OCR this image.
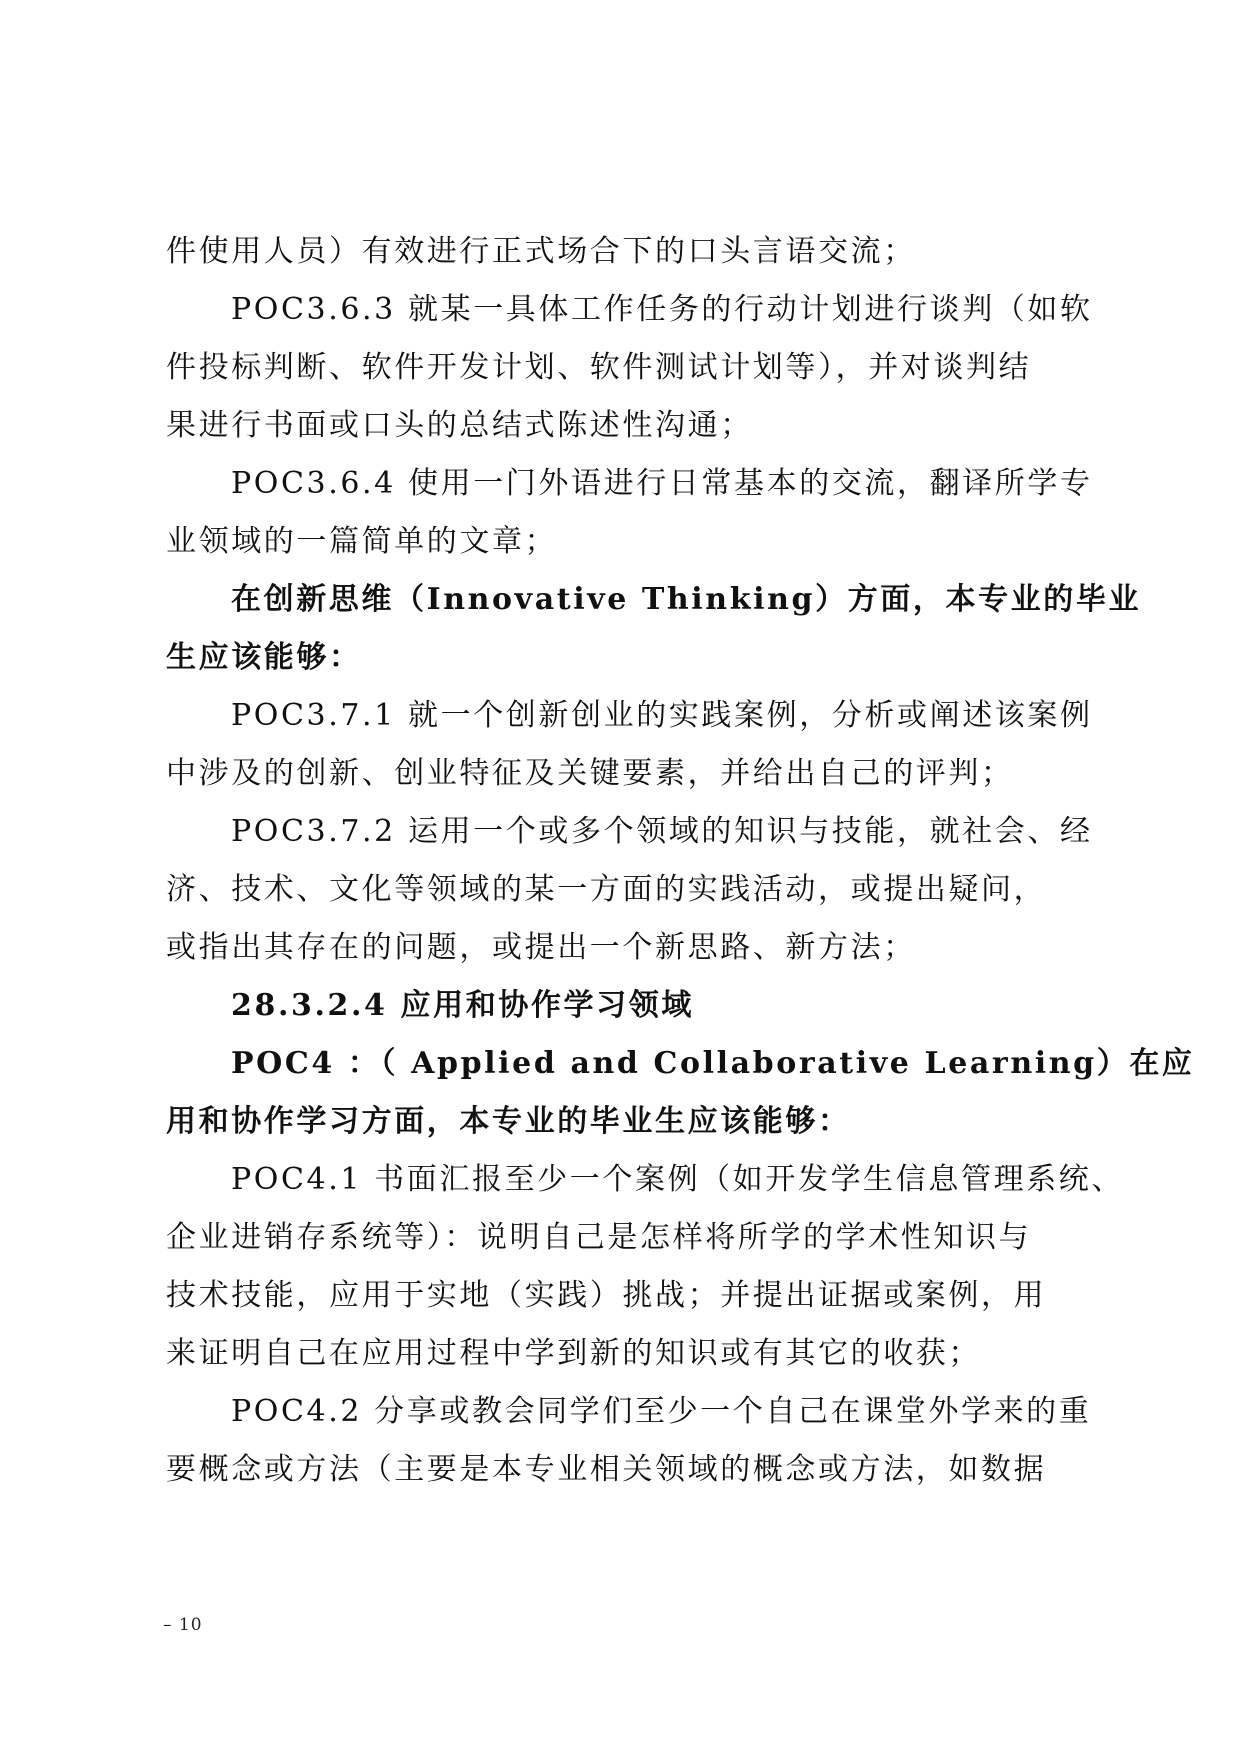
件使用人员）有效进行正式场合下的口头言语交流；
POC3.6.3 就某一具体工作任务的行动计划进行谈判（如软
件投标判断、软件开发计划、软件测试计划等），并对谈判结
果进行书面或口头的总结式陈述性沟通；
POC3.6.4 使用一门外语进行日常基本的交流，翻译所学专
业领域的一篇简单的文章；
在创新思维（Innovative Thinking）方面，本专业的毕业
生应该能够：
POC3.7.1 就一个创新创业的实践案例，分析或阐述该案例
中涉及的创新、创业特征及关键要素，并给出自己的评判；
POC3.7.2 运用一个或多个领域的知识与技能，就社会、经
济、技术、文化等领域的某一方面的实践活动，或提出疑问，
或指出其存在的问题，或提出一个新思路、新方法；
28.3.2.4 应用和协作学习领域
POC4 ：（ Applied and Collaborative Learning）在应
用和协作学习方面，本专业的毕业生应该能够：
POC4.1 书面汇报至少一个案例（如开发学生信息管理系统、
企业进销存系统等）：说明自己是怎样将所学的学术性知识与
技术技能，应用于实地（实践）挑战；并提出证据或案例，用
来证明自己在应用过程中学到新的知识或有其它的收获；
POC4.2 分享或教会同学们至少一个自己在课堂外学来的重
要概念或方法（主要是本专业相关领域的概念或方法，如数据
– 10
